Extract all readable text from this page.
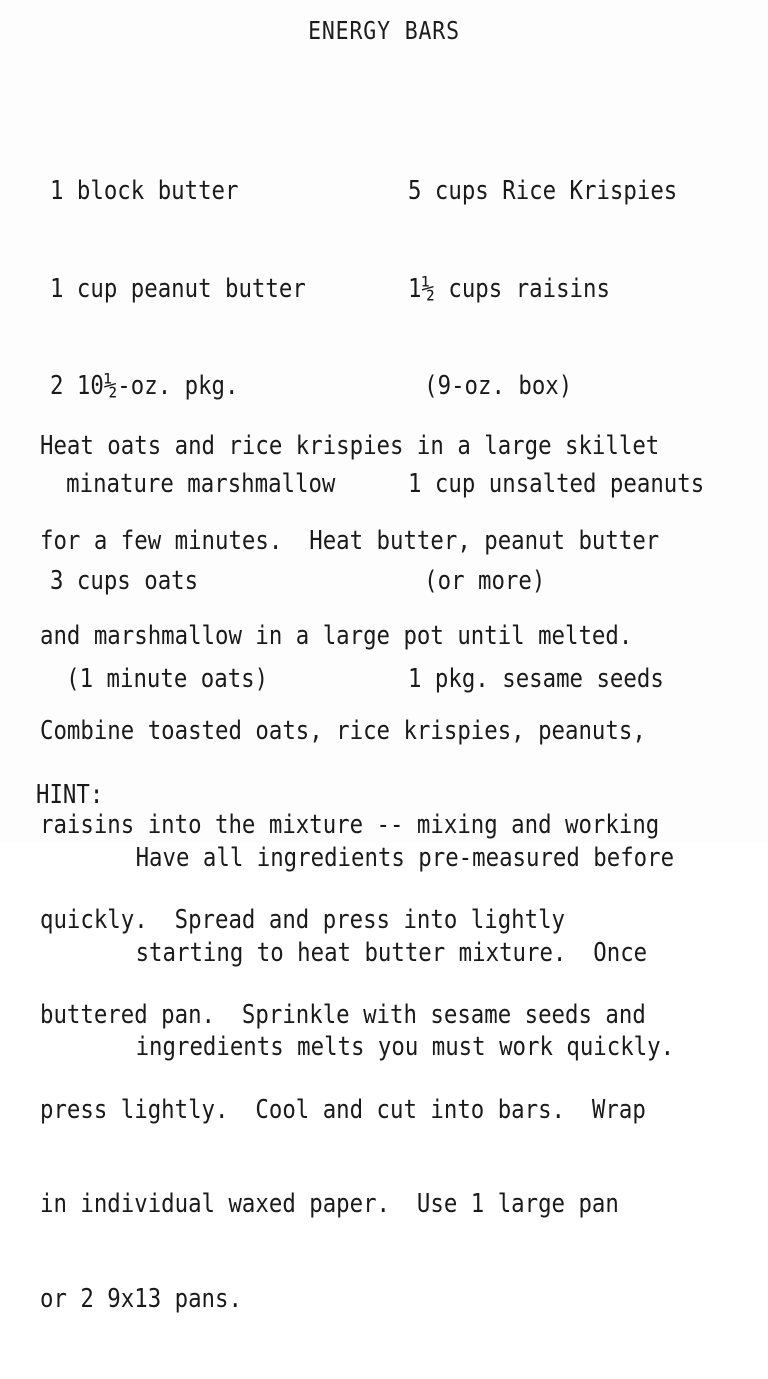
ENERGY BARS

1 block butter

1 cup peanut butter

2 10½-oz. pkg.

minature marshmallow

3 cups oats

(1 minute oats)

5 cups Rice Krispies

1½ cups raisins

(9-oz. box)

1 cup unsalted peanuts

(or more)

1 pkg. sesame seeds

Heat oats and rice krispies in a large skillet

for a few minutes.  Heat butter, peanut butter

and marshmallow in a large pot until melted.

Combine toasted oats, rice krispies, peanuts,

raisins into the mixture -- mixing and working

quickly.  Spread and press into lightly

buttered pan.  Sprinkle with sesame seeds and

press lightly.  Cool and cut into bars.  Wrap

in individual waxed paper.  Use 1 large pan

or 2 9x13 pans.

HINT:

Have all ingredients pre-measured before

starting to heat butter mixture.  Once

ingredients melts you must work quickly.
